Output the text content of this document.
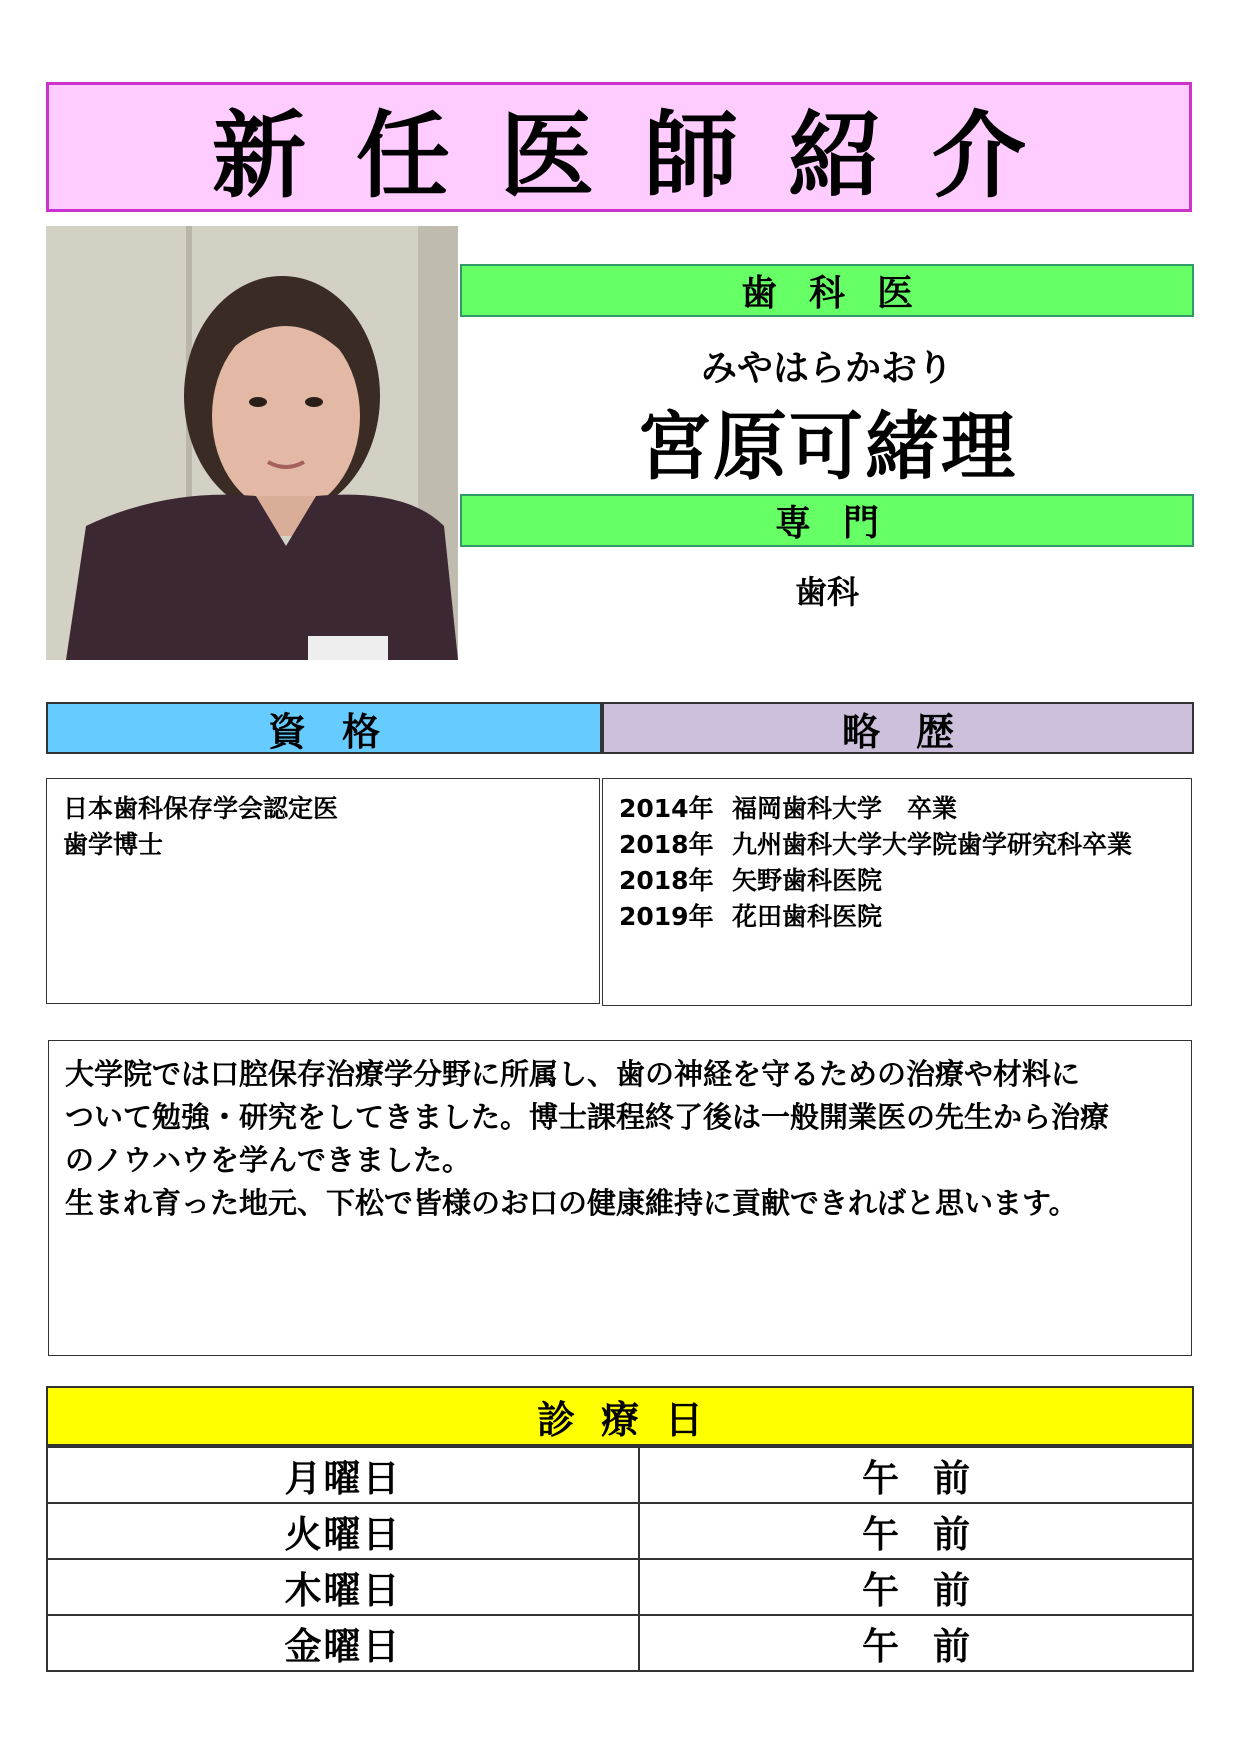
新任医師紹介
歯科医
みやはらかおり
宮原可緒理
専門
歯科
資格	略歴
日本歯科保存学会認定医
歯学博士
2014年 福岡歯科大学　卒業
2018年 九州歯科大学大学院歯学研究科卒業
2018年 矢野歯科医院
2019年 花田歯科医院
大学院では口腔保存治療学分野に所属し、歯の神経を守るための治療や材料に
ついて勉強・研究をしてきました。博士課程終了後は一般開業医の先生から治療
のノウハウを学んできました。
生まれ育った地元、下松で皆様のお口の健康維持に貢献できればと思います。
診療日
月曜日	午前
火曜日	午前
木曜日	午前
金曜日	午前
